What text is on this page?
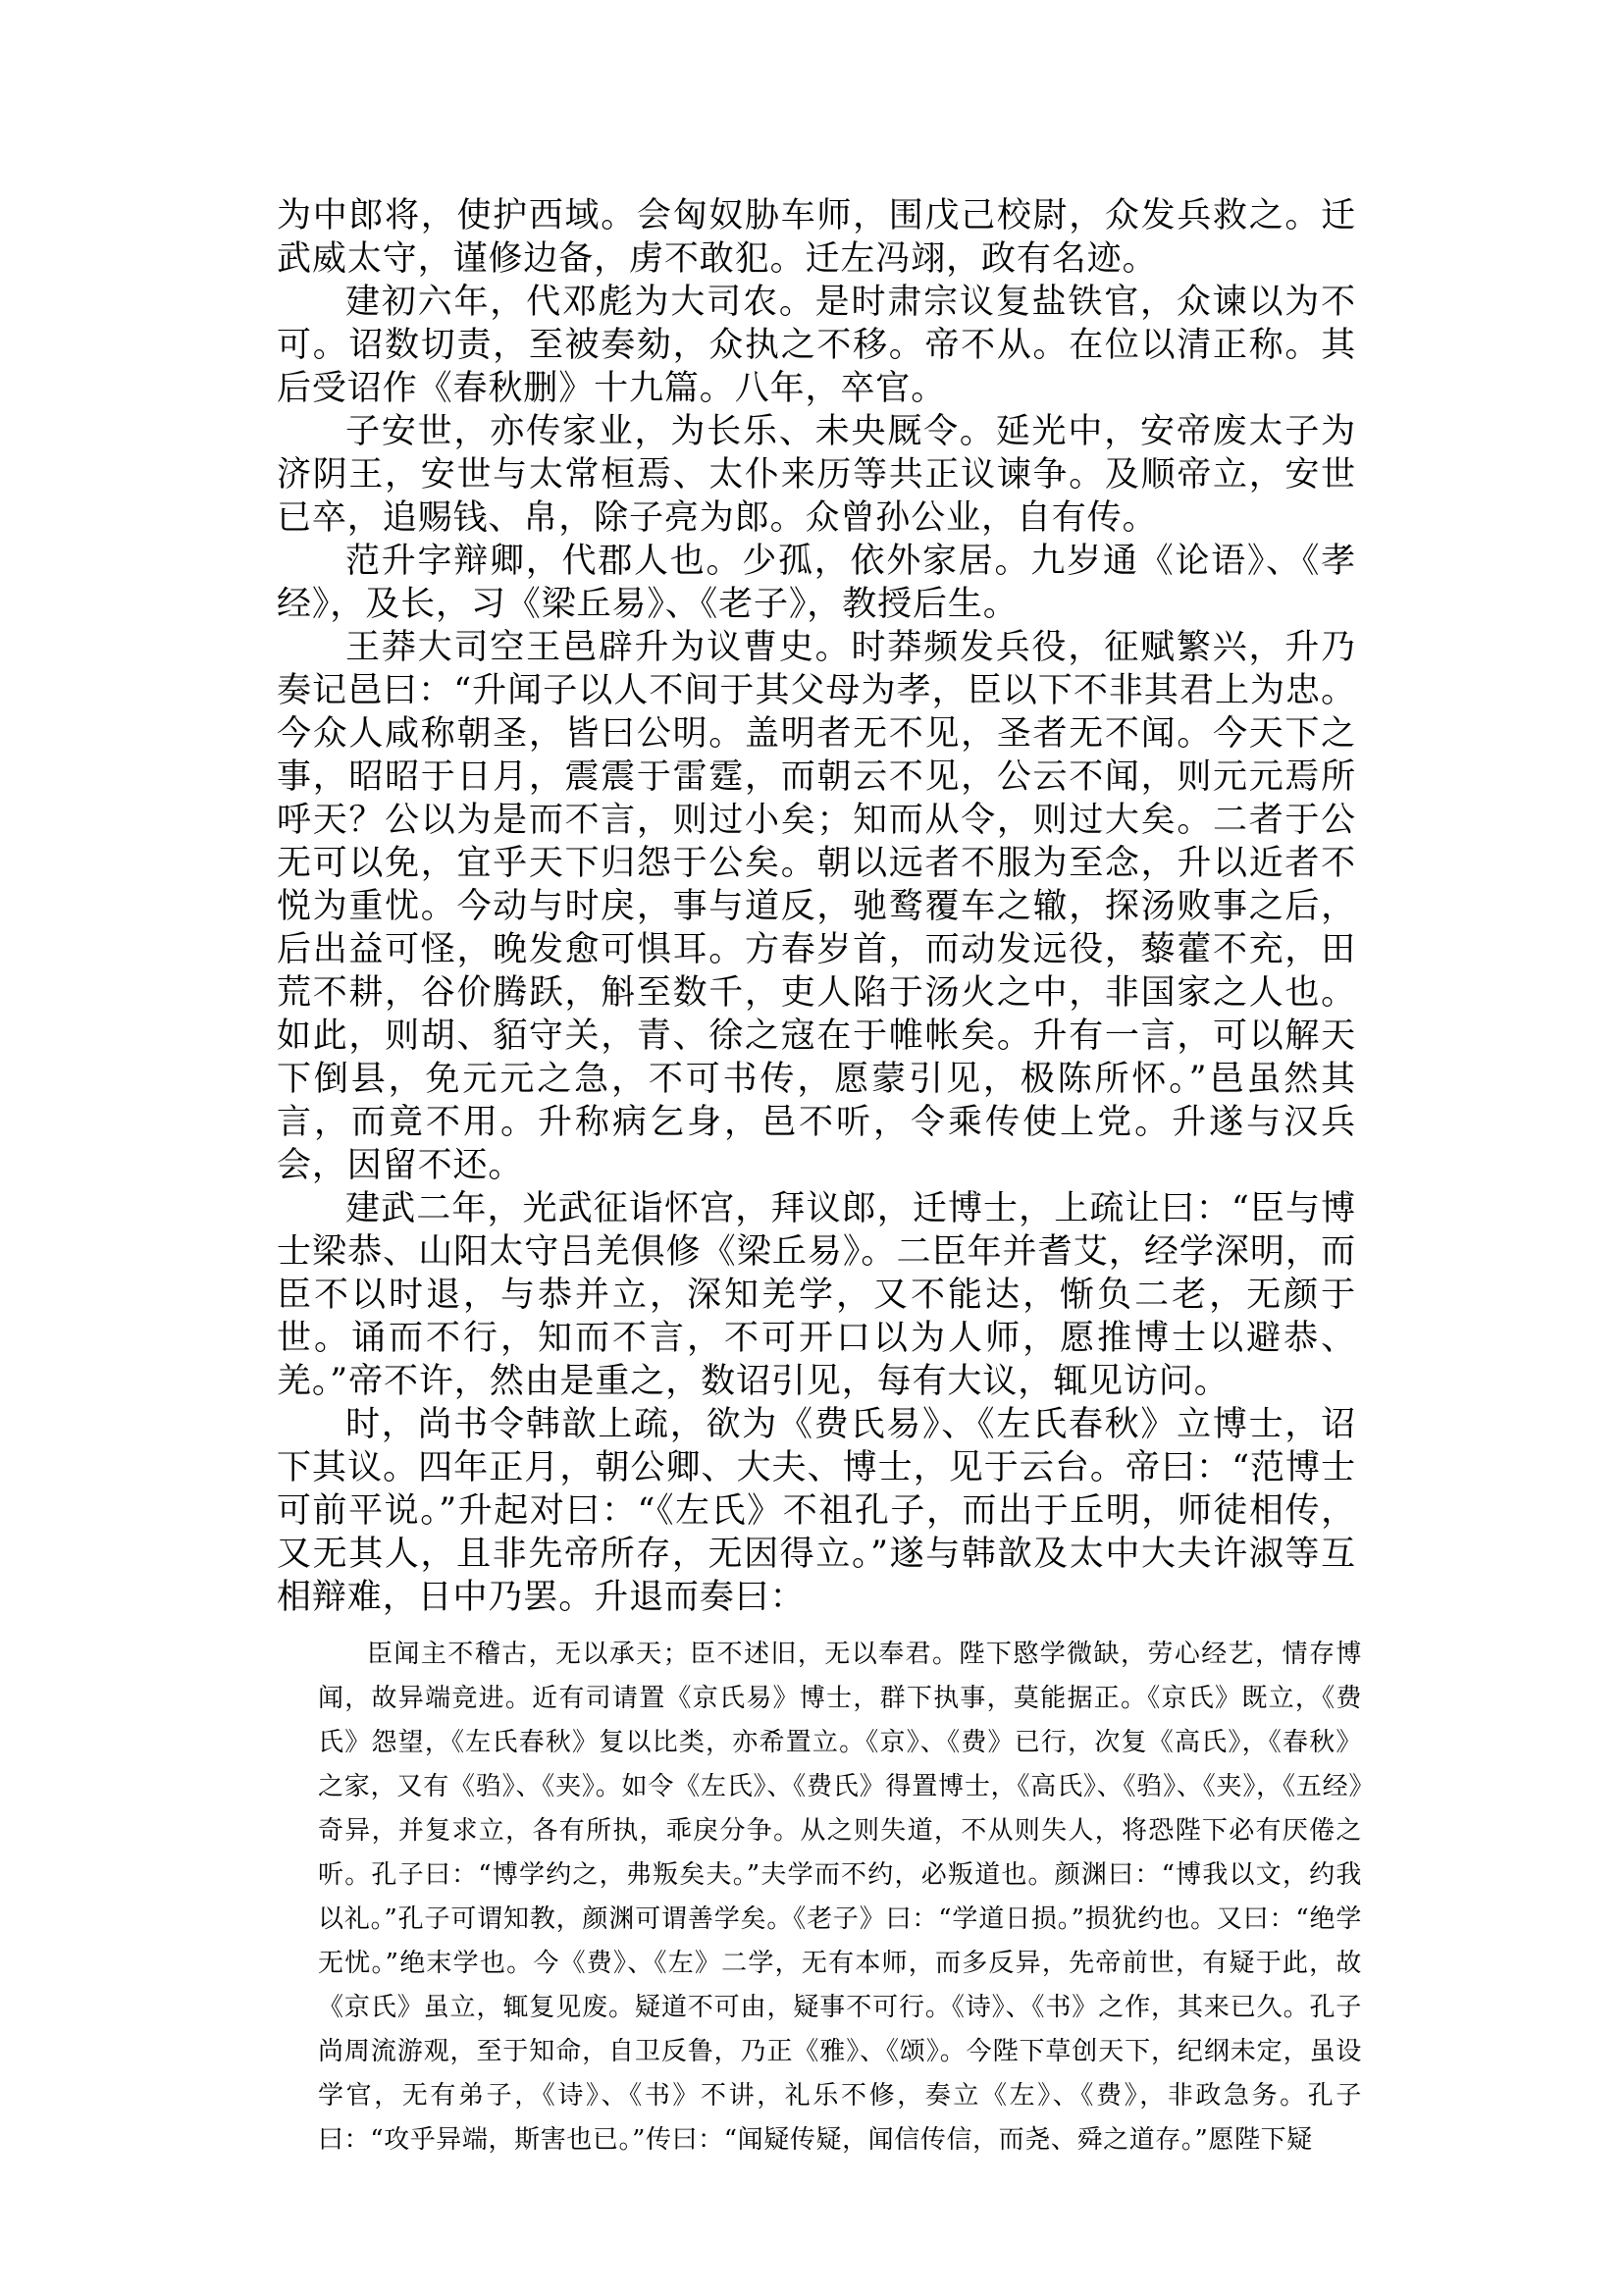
为中郎将，使护西域。会匈奴胁车师，围戊己校尉，众发兵救之。迁武威太守，谨修边备，虏不敢犯。迁左冯翊，政有名迹。

建初六年，代邓彪为大司农。是时肃宗议复盐铁官，众谏以为不可。诏数切责，至被奏劾，众执之不移。帝不从。在位以清正称。其后受诏作《春秋删》十九篇。八年，卒官。

子安世，亦传家业，为长乐、未央厩令。延光中，安帝废太子为济阴王，安世与太常桓焉、太仆来历等共正议谏争。及顺帝立，安世已卒，追赐钱、帛，除子亮为郎。众曾孙公业，自有传。

范升字辩卿，代郡人也。少孤，依外家居。九岁通《论语》、《孝经》，及长，习《梁丘易》、《老子》，教授后生。

王莽大司空王邑辟升为议曹史。时莽频发兵役，征赋繁兴，升乃奏记邑曰：“升闻子以人不间于其父母为孝，臣以下不非其君上为忠。今众人咸称朝圣，皆曰公明。盖明者无不见，圣者无不闻。今天下之事，昭昭于日月，震震于雷霆，而朝云不见，公云不闻，则元元焉所呼天？公以为是而不言，则过小矣；知而从令，则过大矣。二者于公无可以免，宜乎天下归怨于公矣。朝以远者不服为至念，升以近者不悦为重忧。今动与时戾，事与道反，驰鹜覆车之辙，探汤败事之后，后出益可怪，晚发愈可惧耳。方春岁首，而动发远役，藜藿不充，田荒不耕，谷价腾跃，斛至数千，吏人陷于汤火之中，非国家之人也。如此，则胡、貊守关，青、徐之寇在于帷帐矣。升有一言，可以解天下倒县，免元元之急，不可书传，愿蒙引见，极陈所怀。”邑虽然其言，而竟不用。升称病乞身，邑不听，令乘传使上党。升遂与汉兵会，因留不还。

建武二年，光武征诣怀宫，拜议郎，迁博士，上疏让曰：“臣与博士梁恭、山阳太守吕羌俱修《梁丘易》。二臣年并耆艾，经学深明，而臣不以时退，与恭并立，深知羌学，又不能达，惭负二老，无颜于世。诵而不行，知而不言，不可开口以为人师，愿推博士以避恭、羌。”帝不许，然由是重之，数诏引见，每有大议，辄见访问。

时，尚书令韩歆上疏，欲为《费氏易》、《左氏春秋》立博士，诏下其议。四年正月，朝公卿、大夫、博士，见于云台。帝曰：“范博士可前平说。”升起对曰：“《左氏》不祖孔子，而出于丘明，师徒相传，又无其人，且非先帝所存，无因得立。”遂与韩歆及太中大夫许淑等互相辩难，日中乃罢。升退而奏曰：

臣闻主不稽古，无以承天；臣不述旧，无以奉君。陛下愍学微缺，劳心经艺，情存博闻，故异端竞进。近有司请置《京氏易》博士，群下执事，莫能据正。《京氏》既立，《费氏》怨望，《左氏春秋》复以比类，亦希置立。《京》、《费》已行，次复《高氏》，《春秋》之家，又有《驺》、《夹》。如令《左氏》、《费氏》得置博士，《高氏》、《驺》、《夹》，《五经》奇异，并复求立，各有所执，乖戾分争。从之则失道，不从则失人，将恐陛下必有厌倦之听。孔子曰：“博学约之，弗叛矣夫。”夫学而不约，必叛道也。颜渊曰：“博我以文，约我以礼。”孔子可谓知教，颜渊可谓善学矣。《老子》曰：“学道日损。”损犹约也。又曰：“绝学无忧。”绝末学也。今《费》、《左》二学，无有本师，而多反异，先帝前世，有疑于此，故《京氏》虽立，辄复见废。疑道不可由，疑事不可行。《诗》、《书》之作，其来已久。孔子尚周流游观，至于知命，自卫反鲁，乃正《雅》、《颂》。今陛下草创天下，纪纲未定，虽设学官，无有弟子，《诗》、《书》不讲，礼乐不修，奏立《左》、《费》，非政急务。孔子曰：“攻乎异端，斯害也已。”传曰：“闻疑传疑，闻信传信，而尧、舜之道存。”愿陛下疑
